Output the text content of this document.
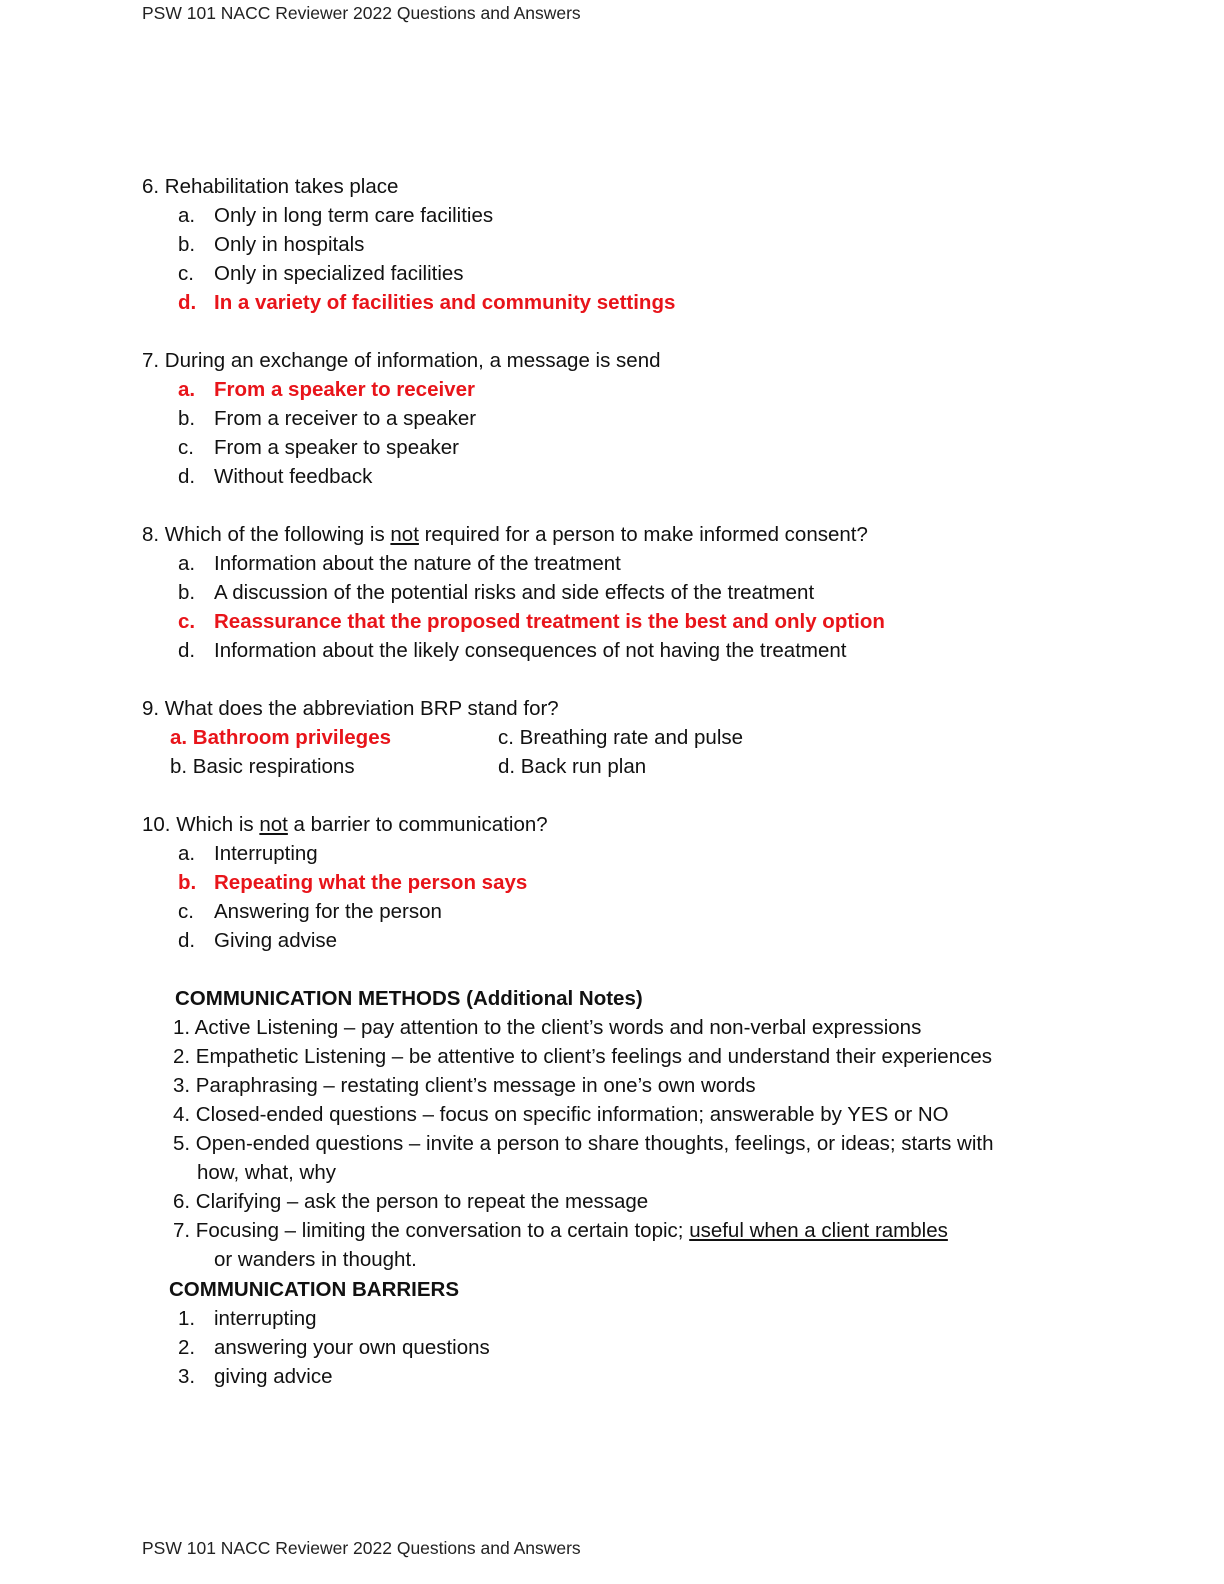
PSW 101 NACC Reviewer 2022 Questions and Answers
6. Rehabilitation takes place
a. Only in long term care facilities
b. Only in hospitals
c. Only in specialized facilities
d. In a variety of facilities and community settings
7. During an exchange of information, a message is send
a. From a speaker to receiver
b. From a receiver to a speaker
c. From a speaker to speaker
d. Without feedback
8. Which of the following is not required for a person to make informed consent?
a. Information about the nature of the treatment
b. A discussion of the potential risks and side effects of the treatment
c. Reassurance that the proposed treatment is the best and only option
d. Information about the likely consequences of not having the treatment
9. What does the abbreviation BRP stand for?
a. Bathroom privileges	c. Breathing rate and pulse
b. Basic respirations	d. Back run plan
10. Which is not a barrier to communication?
a. Interrupting
b. Repeating what the person says
c. Answering for the person
d. Giving advise
COMMUNICATION METHODS (Additional Notes)
1. Active Listening – pay attention to the client’s words and non-verbal expressions
2. Empathetic Listening – be attentive to client’s feelings and understand their experiences
3. Paraphrasing – restating client’s message in one’s own words
4. Closed-ended questions – focus on specific information; answerable by YES or NO
5. Open-ended questions – invite a person to share thoughts, feelings, or ideas; starts with
how, what, why
6. Clarifying – ask the person to repeat the message
7. Focusing – limiting the conversation to a certain topic; useful when a client rambles
or wanders in thought.
COMMUNICATION BARRIERS
1. interrupting
2. answering your own questions
3. giving advice
PSW 101 NACC Reviewer 2022 Questions and Answers
